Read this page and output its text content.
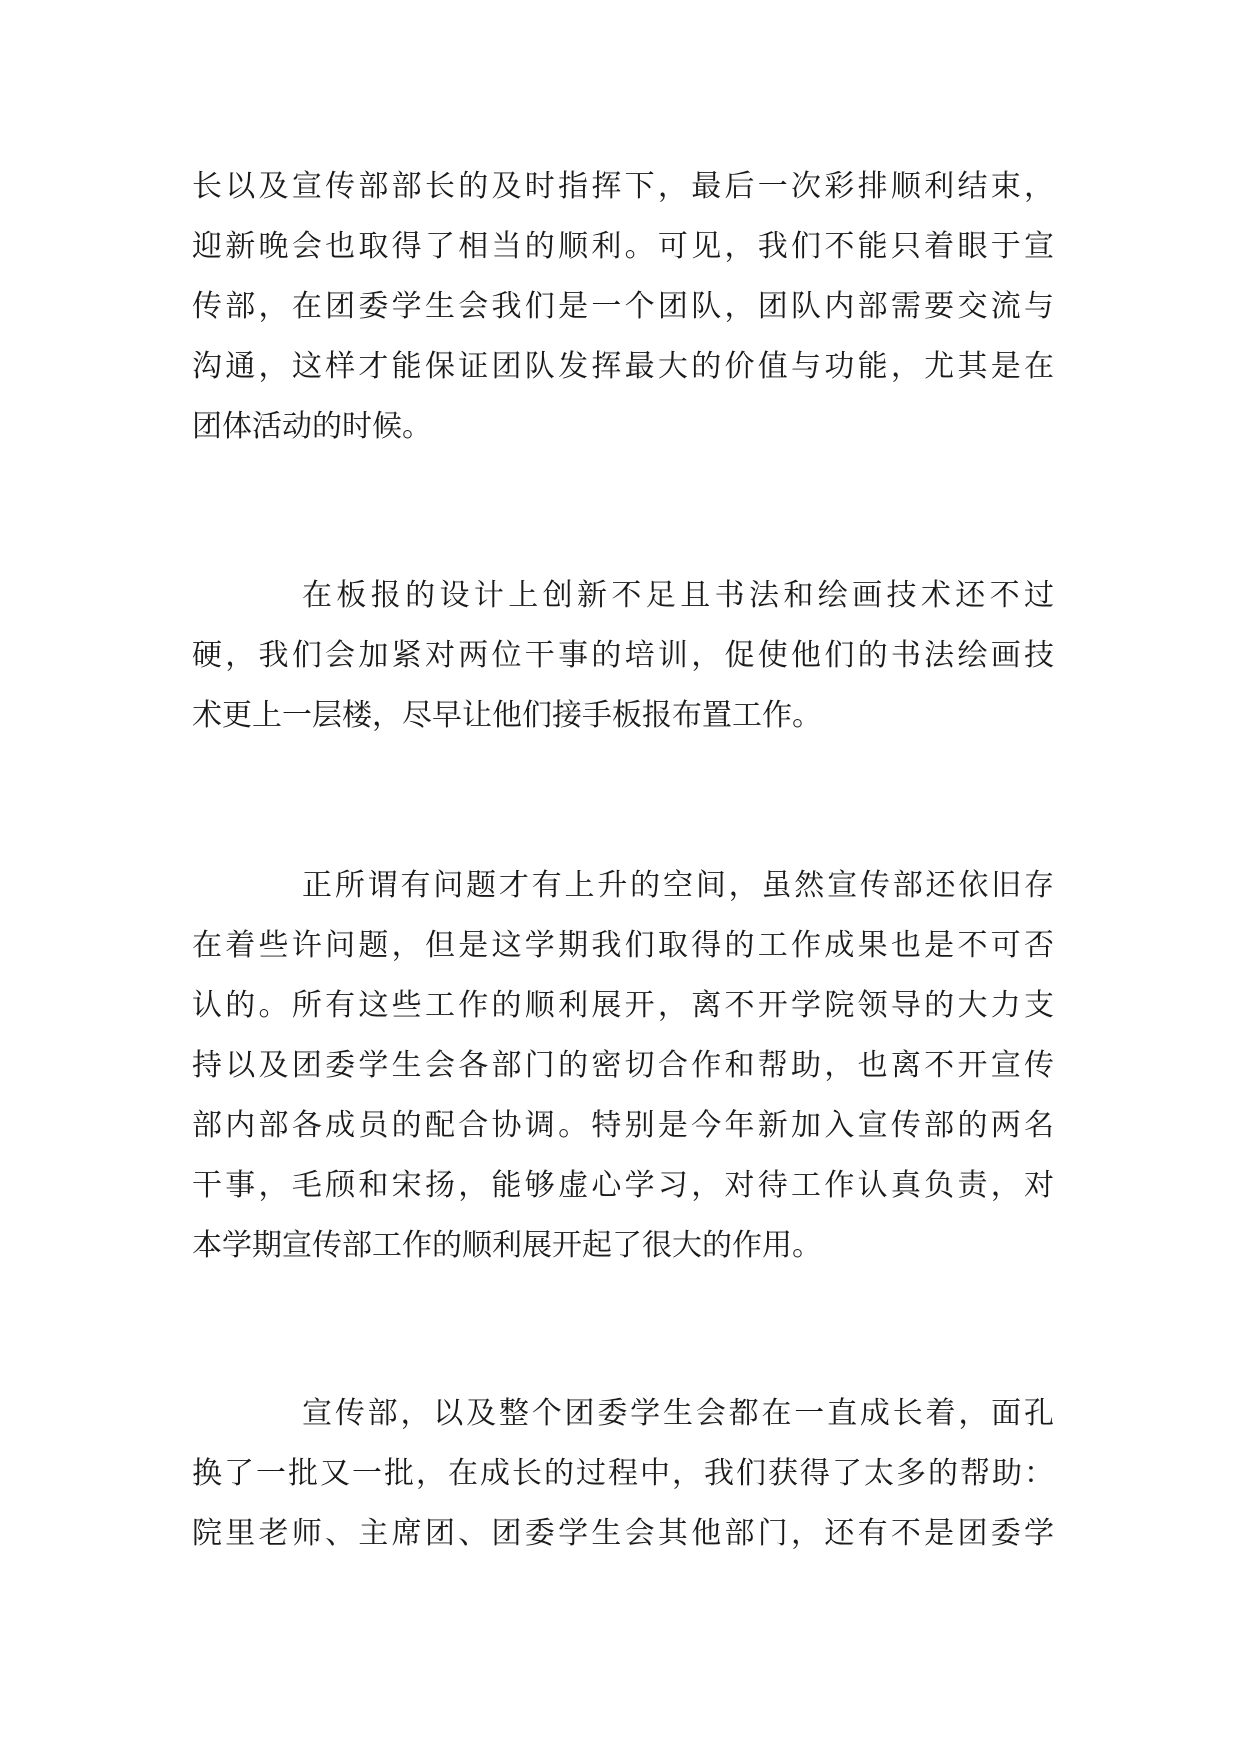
长以及宣传部部长的及时指挥下，最后一次彩排顺利结束，
迎新晚会也取得了相当的顺利。可见，我们不能只着眼于宣
传部，在团委学生会我们是一个团队，团队内部需要交流与
沟通，这样才能保证团队发挥最大的价值与功能，尤其是在
团体活动的时候。
在板报的设计上创新不足且书法和绘画技术还不过
硬，我们会加紧对两位干事的培训，促使他们的书法绘画技
术更上一层楼，尽早让他们接手板报布置工作。
正所谓有问题才有上升的空间，虽然宣传部还依旧存
在着些许问题，但是这学期我们取得的工作成果也是不可否
认的。所有这些工作的顺利展开，离不开学院领导的大力支
持以及团委学生会各部门的密切合作和帮助，也离不开宣传
部内部各成员的配合协调。特别是今年新加入宣传部的两名
干事，毛颀和宋扬，能够虚心学习，对待工作认真负责，对
本学期宣传部工作的顺利展开起了很大的作用。
宣传部，以及整个团委学生会都在一直成长着，面孔
换了一批又一批，在成长的过程中，我们获得了太多的帮助：
院里老师、主席团、团委学生会其他部门，还有不是团委学
